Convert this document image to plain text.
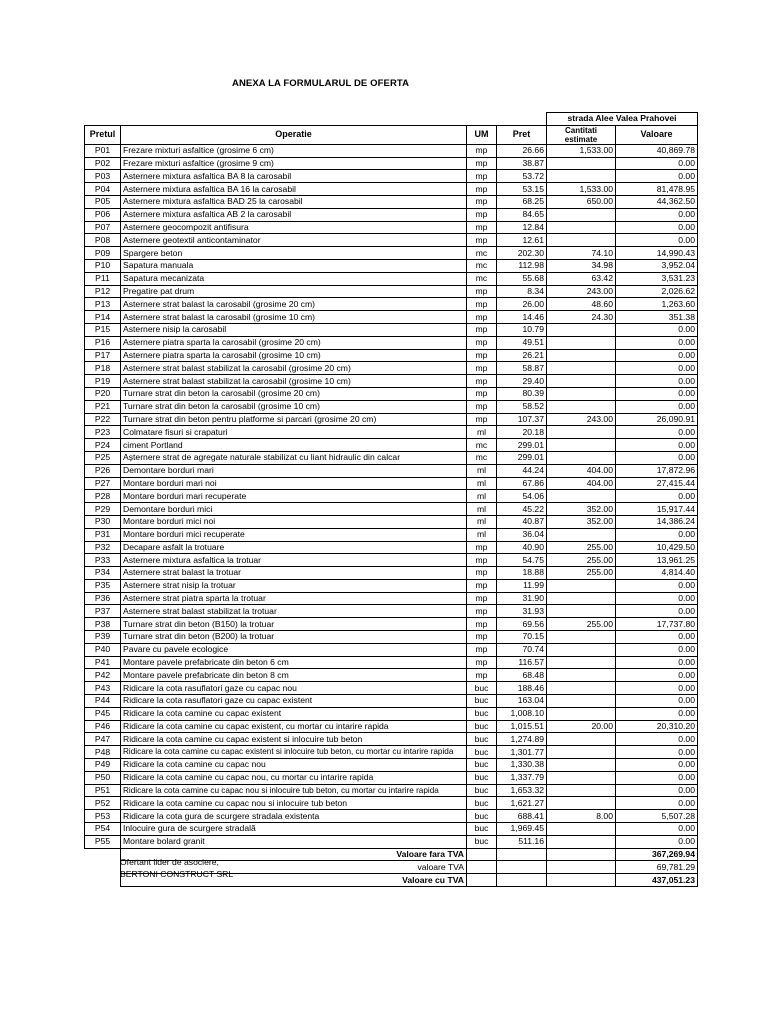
ANEXA LA FORMULARUL DE OFERTA
				strada Alee Valea Prahovei	
Pretul	Operatie	UM	Pret	Cantitati estimate	Valoare
P01	Frezare mixturi asfaltice (grosime 6 cm)	mp	26.66	1,533.00	40,869.78
P02	Frezare mixturi asfaltice (grosime 9 cm)	mp	38.87		0.00
P03	Asternere mixtura asfaltica BA 8 la carosabil	mp	53.72		0.00
P04	Asternere mixtura asfaltica BA 16 la carosabil	mp	53.15	1,533.00	81,478.95
P05	Asternere mixtura asfaltica BAD 25 la carosabil	mp	68.25	650.00	44,362.50
P06	Asternere mixtura asfaltica AB 2 la carosabil	mp	84.65		0.00
P07	Asternere geocompozit antifisura	mp	12.84		0.00
P08	Asternere geotextil anticontaminator	mp	12.61		0.00
P09	Spargere beton	mc	202.30	74.10	14,990.43
P10	Sapatura manuala	mc	112.98	34.98	3,952.04
P11	Sapatura mecanizata	mc	55.68	63.42	3,531.23
P12	Pregatire pat drum	mp	8.34	243.00	2,026.62
P13	Asternere strat balast la carosabil (grosime 20 cm)	mp	26.00	48.60	1,263.60
P14	Asternere strat balast la carosabil (grosime 10 cm)	mp	14.46	24.30	351.38
P15	Asternere nisip la carosabil	mp	10.79		0.00
P16	Asternere piatra sparta la carosabil (grosime 20 cm)	mp	49.51		0.00
P17	Asternere piatra sparta la carosabil (grosime 10 cm)	mp	26.21		0.00
P18	Asternere strat balast stabilizat la carosabil (grosime 20 cm)	mp	58.87		0.00
P19	Asternere strat balast stabilizat la carosabil (grosime 10 cm)	mp	29.40		0.00
P20	Turnare strat din beton la carosabil (grosime 20 cm)	mp	80.39		0.00
P21	Turnare strat din beton la carosabil (grosime 10 cm)	mp	58.52		0.00
P22	Turnare strat din beton pentru platforme si parcari (grosime 20 cm)	mp	107.37	243.00	26,090.91
P23	Colmatare fisuri si crapaturi	ml	20.18		0.00
P24	ciment Portland	mc	299.01		0.00
P25	Așternere strat de agregate naturale stabilizat cu liant hidraulic din calcar	mc	299.01		0.00
P26	Demontare borduri mari	ml	44.24	404.00	17,872.96
P27	Montare borduri mari noi	ml	67.86	404.00	27,415.44
P28	Montare borduri mari recuperate	ml	54.06		0.00
P29	Demontare borduri mici	ml	45.22	352.00	15,917.44
P30	Montare borduri mici noi	ml	40.87	352.00	14,386.24
P31	Montare borduri mici recuperate	ml	36.04		0.00
P32	Decapare asfalt la trotuare	mp	40.90	255.00	10,429.50
P33	Asternere mixtura asfaltica la trotuar	mp	54.75	255.00	13,961.25
P34	Asternere strat balast la trotuar	mp	18.88	255.00	4,814.40
P35	Asternere strat nisip la trotuar	mp	11.99		0.00
P36	Asternere strat piatra sparta la trotuar	mp	31.90		0.00
P37	Asternere strat balast stabilizat la trotuar	mp	31.93		0.00
P38	Turnare strat din beton (B150) la trotuar	mp	69.56	255.00	17,737.80
P39	Turnare strat din beton (B200) la trotuar	mp	70.15		0.00
P40	Pavare cu pavele ecologice	mp	70.74		0.00
P41	Montare pavele prefabricate din beton 6 cm	mp	116.57		0.00
P42	Montare pavele prefabricate din beton 8 cm	mp	68.48		0.00
P43	Ridicare la cota rasuflatori gaze cu capac nou	buc	188.46		0.00
P44	Ridicare la cota rasuflatori gaze cu capac existent	buc	163.04		0.00
P45	Ridicare la cota camine cu capac existent	buc	1,008.10		0.00
P46	Ridicare la cota camine cu capac existent, cu mortar cu intarire rapida	buc	1,015.51	20.00	20,310.20
P47	Ridicare la cota camine cu capac existent si inlocuire tub beton	buc	1,274.89		0.00
P48	Ridicare la cota camine cu capac existent si inlocuire tub beton, cu mortar cu intarire rapida	buc	1,301.77		0.00
P49	Ridicare la cota camine cu capac nou	buc	1,330.38		0.00
P50	Ridicare la cota camine cu capac nou, cu mortar cu intarire rapida	buc	1,337.79		0.00
P51	Ridicare la cota camine cu capac nou si inlocuire tub beton, cu mortar cu intarire rapida	buc	1,653.32		0.00
P52	Ridicare la cota camine cu capac nou si inlocuire tub beton	buc	1,621.27		0.00
P53	Ridicare la cota gura de scurgere stradala existenta	buc	688.41	8.00	5,507.28
P54	Inlocuire gura de scurgere stradală	buc	1,969.45		0.00
P55	Montare bolard granit	buc	511.16		0.00
	Valoare fara TVA				367,269.94
	valoare TVA				69,781.29
	Valoare cu TVA				437,051.23
Ofertant lider de asociere,
BERTONI CONSTRUCT SRL
